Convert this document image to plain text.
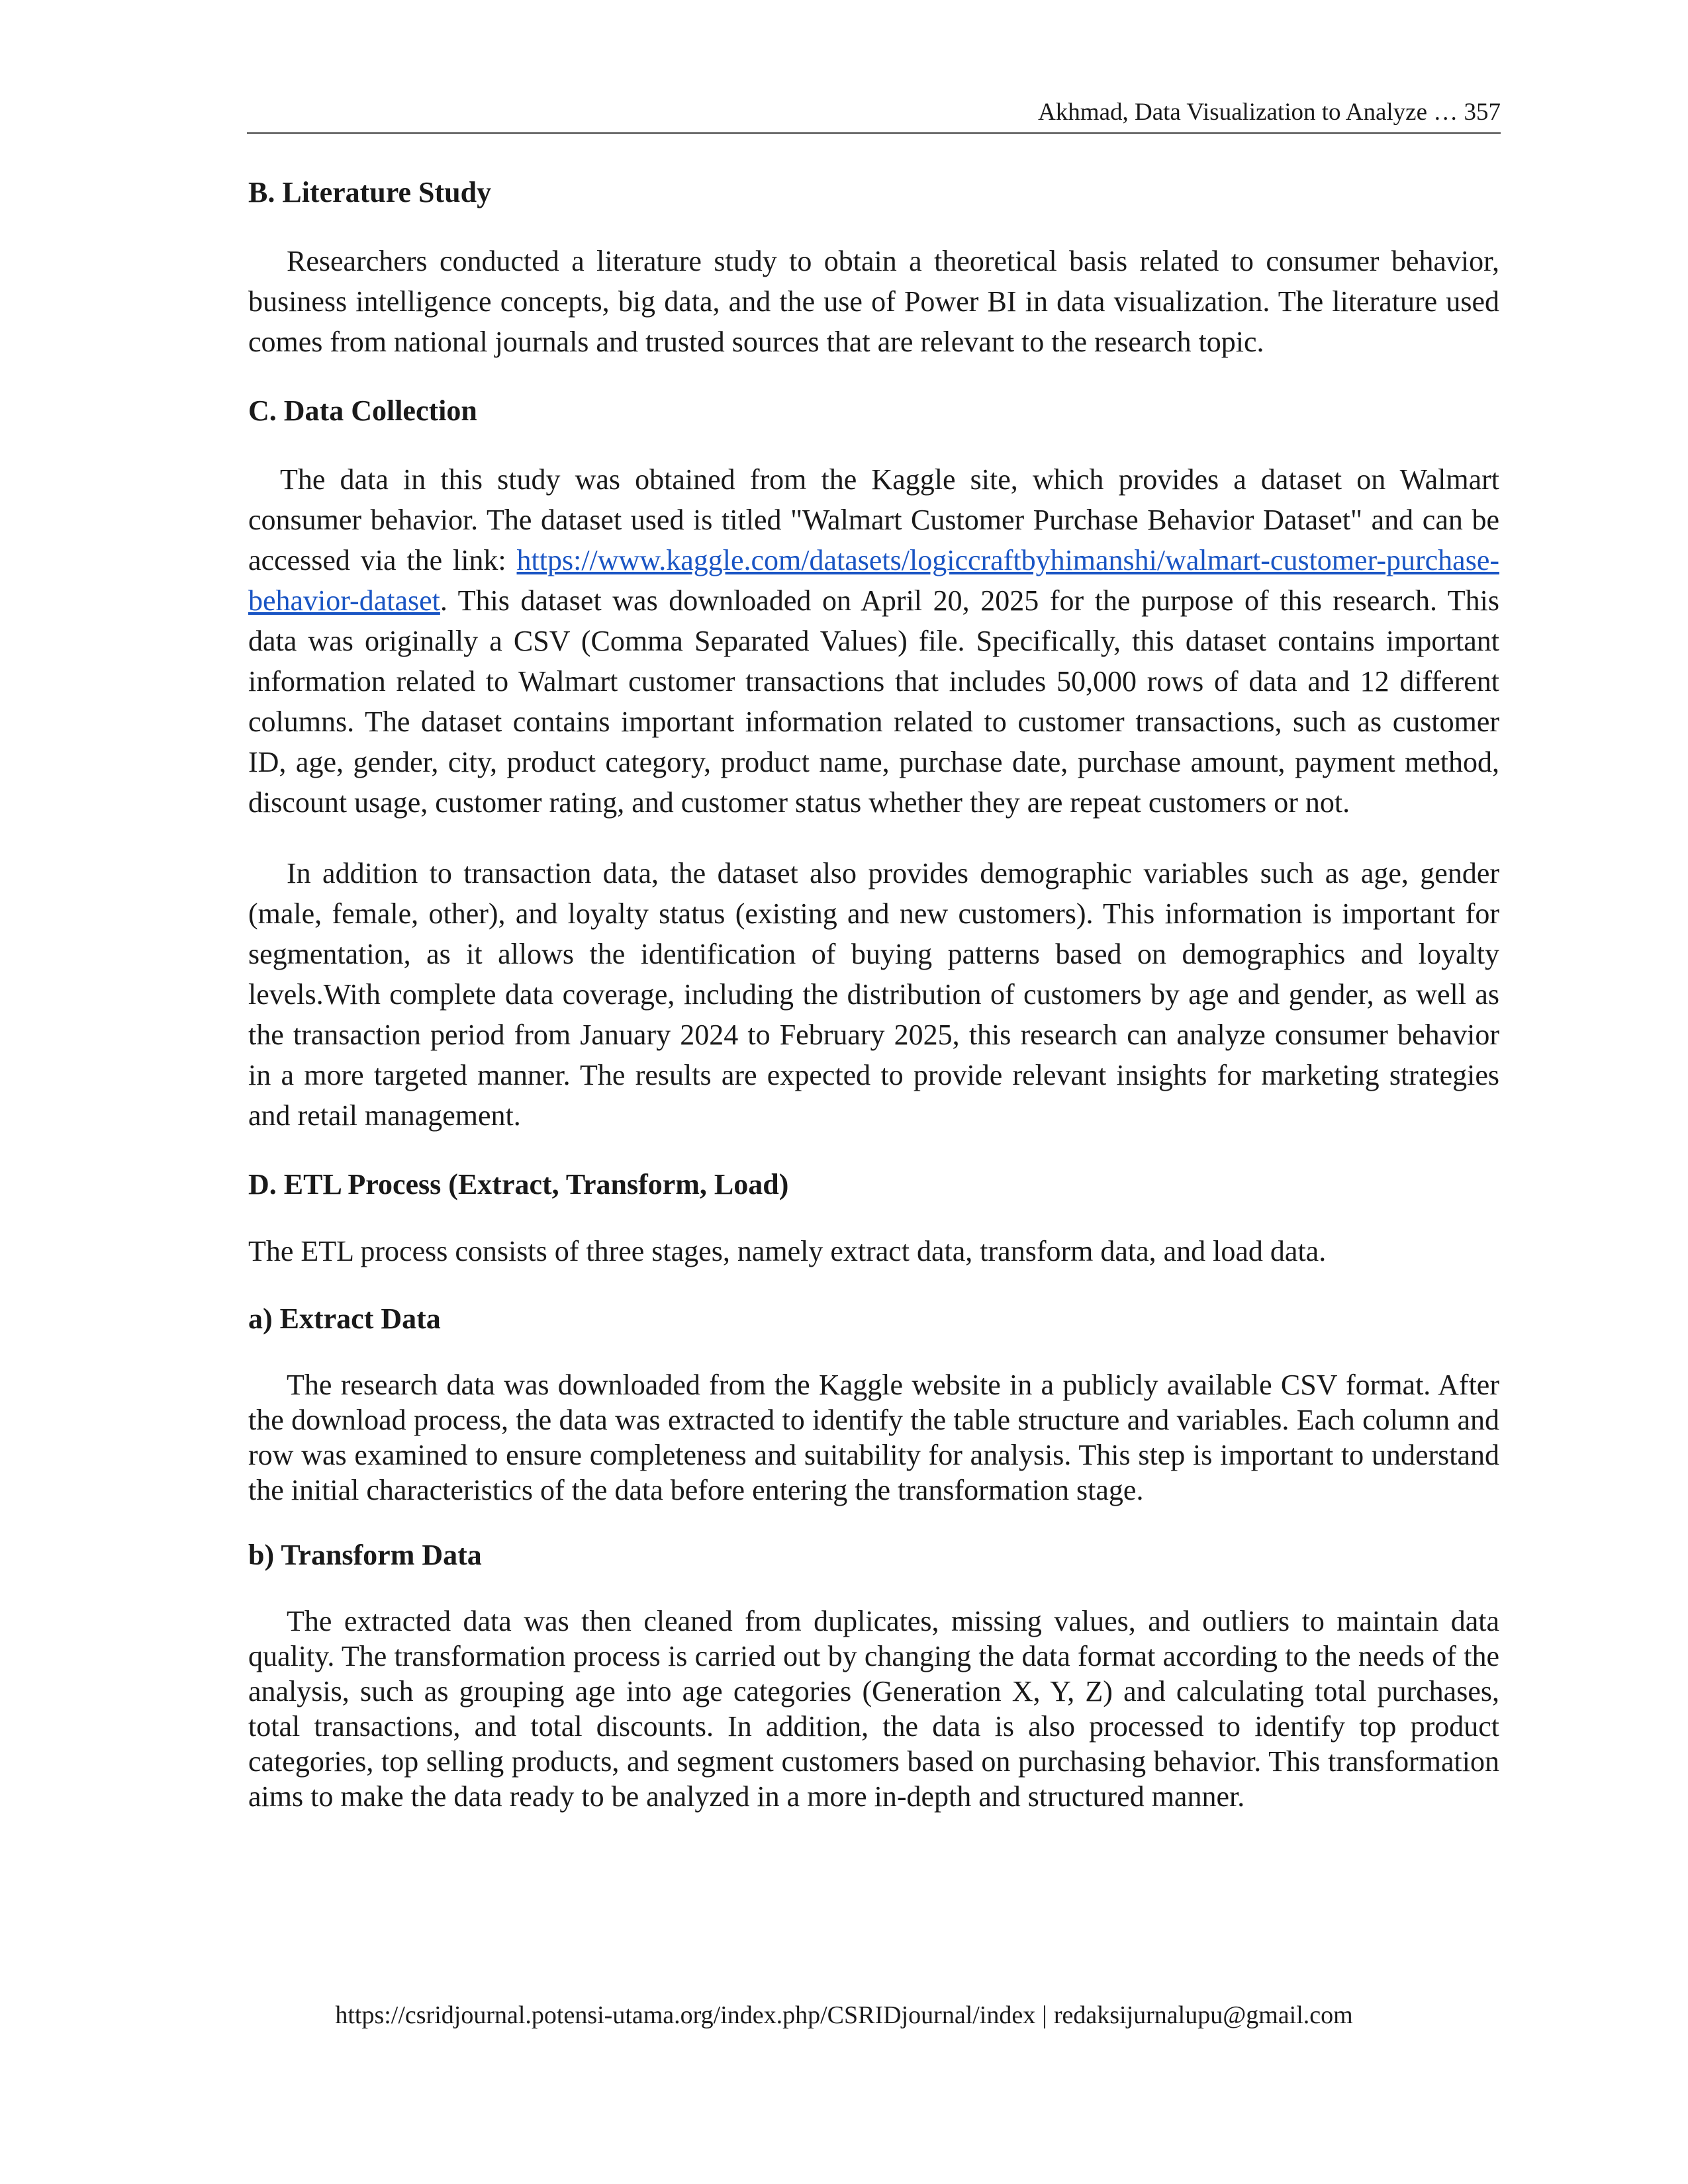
Akhmad, Data Visualization to Analyze … 357
B. Literature Study

Researchers conducted a literature study to obtain a theoretical basis related to consumer behavior, business intelligence concepts, big data, and the use of Power BI in data visualization. The literature used comes from national journals and trusted sources that are relevant to the research topic.

C. Data Collection

The data in this study was obtained from the Kaggle site, which provides a dataset on Walmart consumer behavior. The dataset used is titled "Walmart Customer Purchase Behavior Dataset" and can be accessed via the link: https://www.kaggle.com/datasets/logiccraftbyhimanshi/walmart-customer-purchase-behavior-dataset. This dataset was downloaded on April 20, 2025 for the purpose of this research. This data was originally a CSV (Comma Separated Values) file. Specifically, this dataset contains important information related to Walmart customer transactions that includes 50,000 rows of data and 12 different columns. The dataset contains important information related to customer transactions, such as customer ID, age, gender, city, product category, product name, purchase date, purchase amount, payment method, discount usage, customer rating, and customer status whether they are repeat customers or not.

In addition to transaction data, the dataset also provides demographic variables such as age, gender (male, female, other), and loyalty status (existing and new customers). This information is important for segmentation, as it allows the identification of buying patterns based on demographics and loyalty levels.With complete data coverage, including the distribution of customers by age and gender, as well as the transaction period from January 2024 to February 2025, this research can analyze consumer behavior in a more targeted manner. The results are expected to provide relevant insights for marketing strategies and retail management.

D. ETL Process (Extract, Transform, Load)

The ETL process consists of three stages, namely extract data, transform data, and load data.

a) Extract Data

The research data was downloaded from the Kaggle website in a publicly available CSV format. After the download process, the data was extracted to identify the table structure and variables. Each column and row was examined to ensure completeness and suitability for analysis. This step is important to understand the initial characteristics of the data before entering the transformation stage.

b) Transform Data

The extracted data was then cleaned from duplicates, missing values, and outliers to maintain data quality. The transformation process is carried out by changing the data format according to the needs of the analysis, such as grouping age into age categories (Generation X, Y, Z) and calculating total purchases, total transactions, and total discounts. In addition, the data is also processed to identify top product categories, top selling products, and segment customers based on purchasing behavior. This transformation aims to make the data ready to be analyzed in a more in-depth and structured manner.

https://csridjournal.potensi-utama.org/index.php/CSRIDjournal/index | redaksijurnalupu@gmail.com
